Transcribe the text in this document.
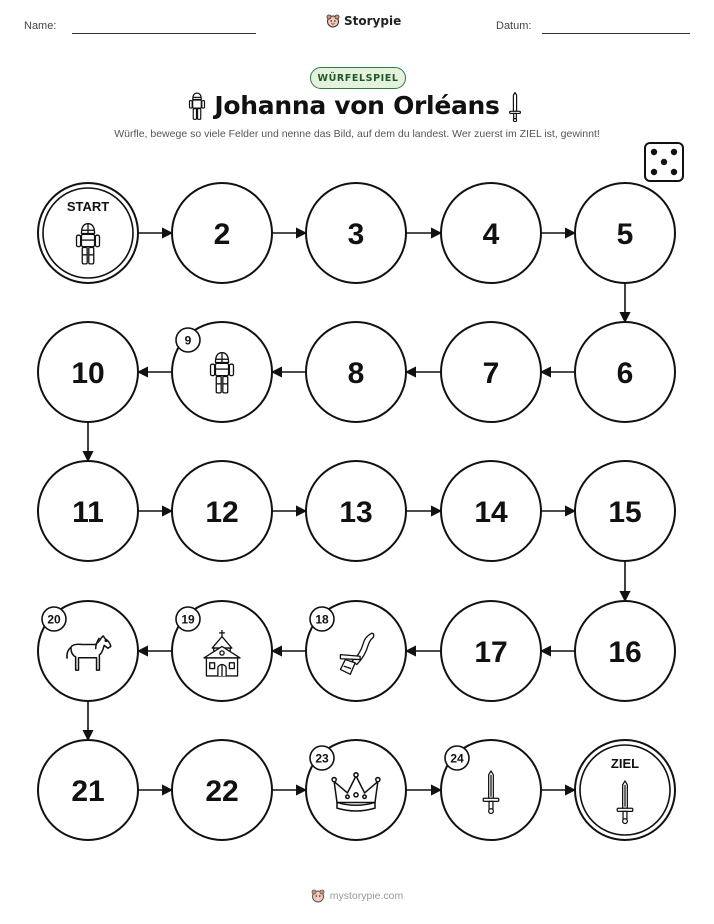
Name:	Storypie	Datum:
WÜRFELSPIEL
Johanna von Orléans
Würfle, bewege so viele Felder und nenne das Bild, auf dem du landest. Wer zuerst im ZIEL ist, gewinnt!
START
2	3	4	5
10
9
8	7	6
11	12	13	14	15
20	19	18
17	16
21	22
23	24	ZIEL
mystorypie.com
